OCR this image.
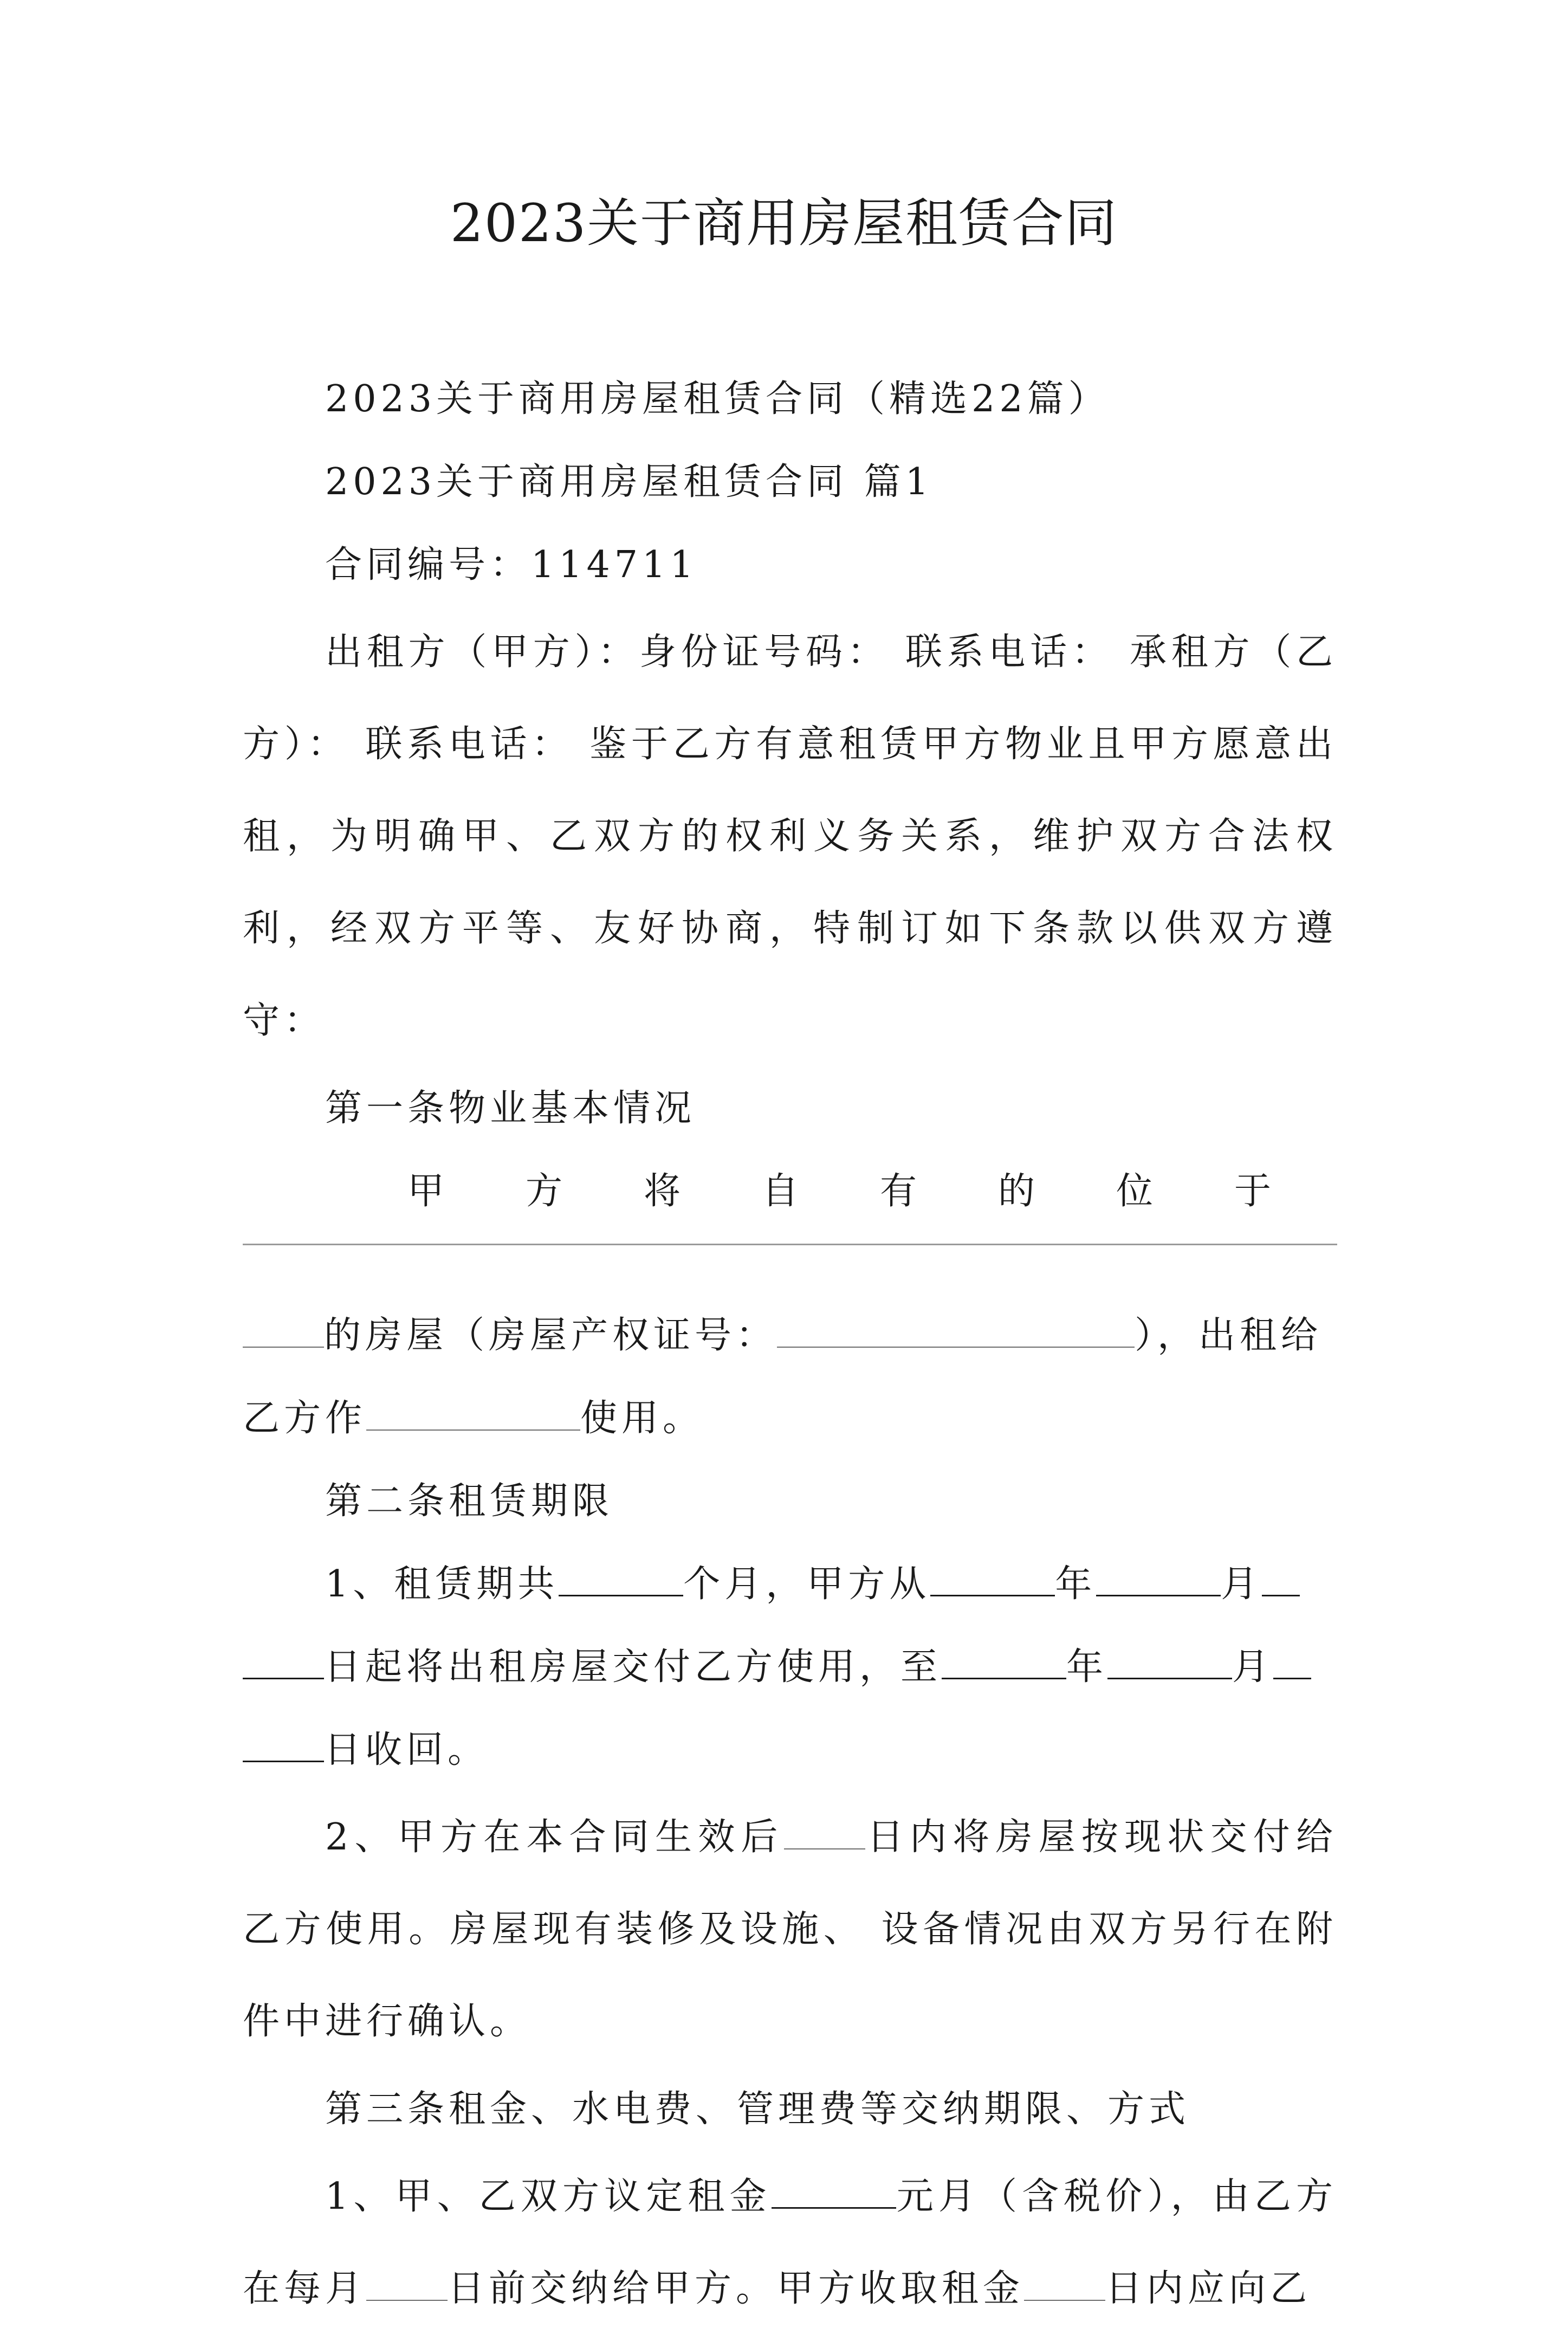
2023关于商用房屋租赁合同

2023关于商用房屋租赁合同（精选22篇）

2023关于商用房屋租赁合同 篇1

合同编号：114711

出租方（甲方）：身份证号码： 联系电话： 承租方（乙方）： 联系电话： 鉴于乙方有意租赁甲方物业且甲方愿意出租，为明确甲、乙双方的权利义务关系，维护双方合法权利，经双方平等、友好协商，特制订如下条款以供双方遵守：

第一条物业基本情况

甲方将自有的位于

的房屋（房屋产权证号：	），出租给

乙方作	使用。

第二条租赁期限

1、租赁期共	个月，甲方从	年	月

日起将出租房屋交付乙方使用，至	年	月

日收回。

2、甲方在本合同生效后 日内将房屋按现状交付给乙方使用。房屋现有装修及设施、 设备情况由双方另行在附件中进行确认。

第三条租金、水电费、管理费等交纳期限、方式

1、甲、乙双方议定租金	元月（含税价），由乙方在每月 日前交纳给甲方。甲方收取租金 日内应向乙
